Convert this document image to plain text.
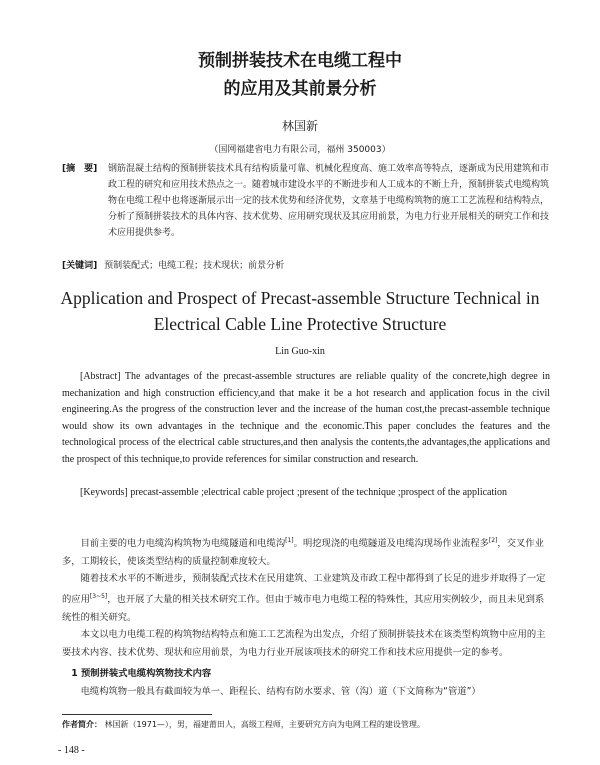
预制拼装技术在电缆工程中
的应用及其前景分析
林国新
（国网福建省电力有限公司，福州 350003）
[摘　要]	钢筋混凝土结构的预制拼装技术具有结构质量可靠、机械化程度高、施工效率高等特点，逐渐成为民用建筑和市政工程的研究和应用技术热点之一。随着城市建设水平的不断进步和人工成本的不断上升，预制拼装式电缆构筑物在电缆工程中也将逐渐展示出一定的技术优势和经济优势，文章基于电缆构筑物的施工工艺流程和结构特点，分析了预制拼装技术的具体内容、技术优势、应用研究现状及其应用前景，为电力行业开展相关的研究工作和技术应用提供参考。
[关键词] 预制装配式；电缆工程；技术现状；前景分析
Application and Prospect of Precast-assemble Structure Technical in
Electrical Cable Line Protective Structure
Lin Guo-xin
[Abstract] The advantages of the precast-assemble structures are reliable quality of the concrete,high degree in mechanization and high construction efficiency,and that make it be a hot research and application focus in the civil engineering.As the progress of the construction lever and the increase of the human cost,the precast-assemble technique would show its own advantages in the technique and the economic.This paper concludes the features and the technological process of the electrical cable structures,and then analysis the contents,the advantages,the applications and the prospect of this technique,to provide references for similar construction and research.
[Keywords] precast-assemble ;electrical cable project ;present of the technique ;prospect of the application

目前主要的电力电缆沟构筑物为电缆隧道和电缆沟[1]。明挖现浇的电缆隧道及电缆沟现场作业流程多[2]，交叉作业多，工期较长，使该类型结构的质量控制难度较大。

随着技术水平的不断进步，预制装配式技术在民用建筑、工业建筑及市政工程中都得到了长足的进步并取得了一定的应用[3~5]，也开展了大量的相关技术研究工作。但由于城市电力电缆工程的特殊性，其应用实例较少，而且未见到系统性的相关研究。

本文以电力电缆工程的构筑物结构特点和施工工艺流程为出发点，介绍了预制拼装技术在该类型构筑物中应用的主要技术内容、技术优势、现状和应用前景，为电力行业开展该项技术的研究工作和技术应用提供一定的参考。

1 预制拼装式电缆构筑物技术内容

电缆构筑物一般具有截面较为单一、距程长、结构有防水要求、管（沟）道（下文简称为“管道”）

作者简介： 林国新（1971—），男，福建莆田人，高级工程师，主要研究方向为电网工程的建设管理。
- 148 -
